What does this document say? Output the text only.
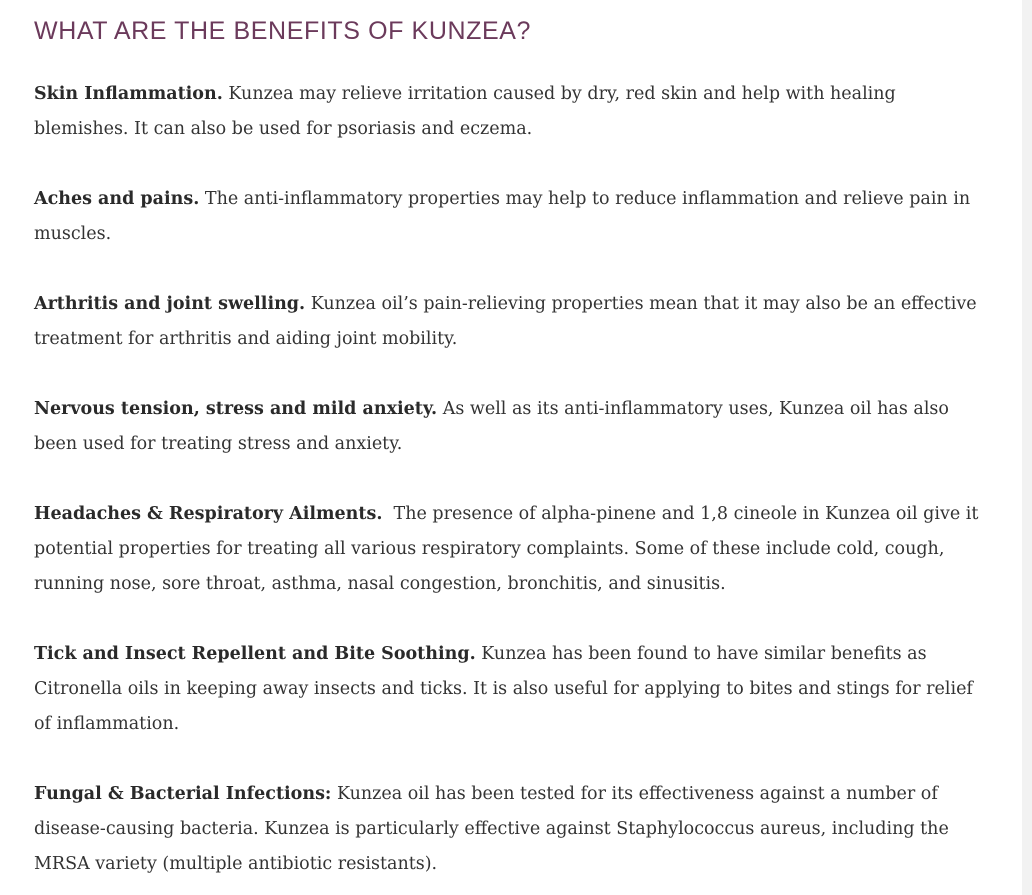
WHAT ARE THE BENEFITS OF KUNZEA?

Skin Inflammation. Kunzea may relieve irritation caused by dry, red skin and help with healing blemishes. It can also be used for psoriasis and eczema.

Aches and pains. The anti-inflammatory properties may help to reduce inflammation and relieve pain in muscles.

Arthritis and joint swelling. Kunzea oil’s pain-relieving properties mean that it may also be an effective treatment for arthritis and aiding joint mobility.

Nervous tension, stress and mild anxiety. As well as its anti-inflammatory uses, Kunzea oil has also been used for treating stress and anxiety.

Headaches & Respiratory Ailments.  The presence of alpha-pinene and 1,8 cineole in Kunzea oil give it potential properties for treating all various respiratory complaints. Some of these include cold, cough, running nose, sore throat, asthma, nasal congestion, bronchitis, and sinusitis.

Tick and Insect Repellent and Bite Soothing. Kunzea has been found to have similar benefits as Citronella oils in keeping away insects and ticks. It is also useful for applying to bites and stings for relief of inflammation.

Fungal & Bacterial Infections: Kunzea oil has been tested for its effectiveness against a number of disease-causing bacteria. Kunzea is particularly effective against Staphylococcus aureus, including the MRSA variety (multiple antibiotic resistants).
